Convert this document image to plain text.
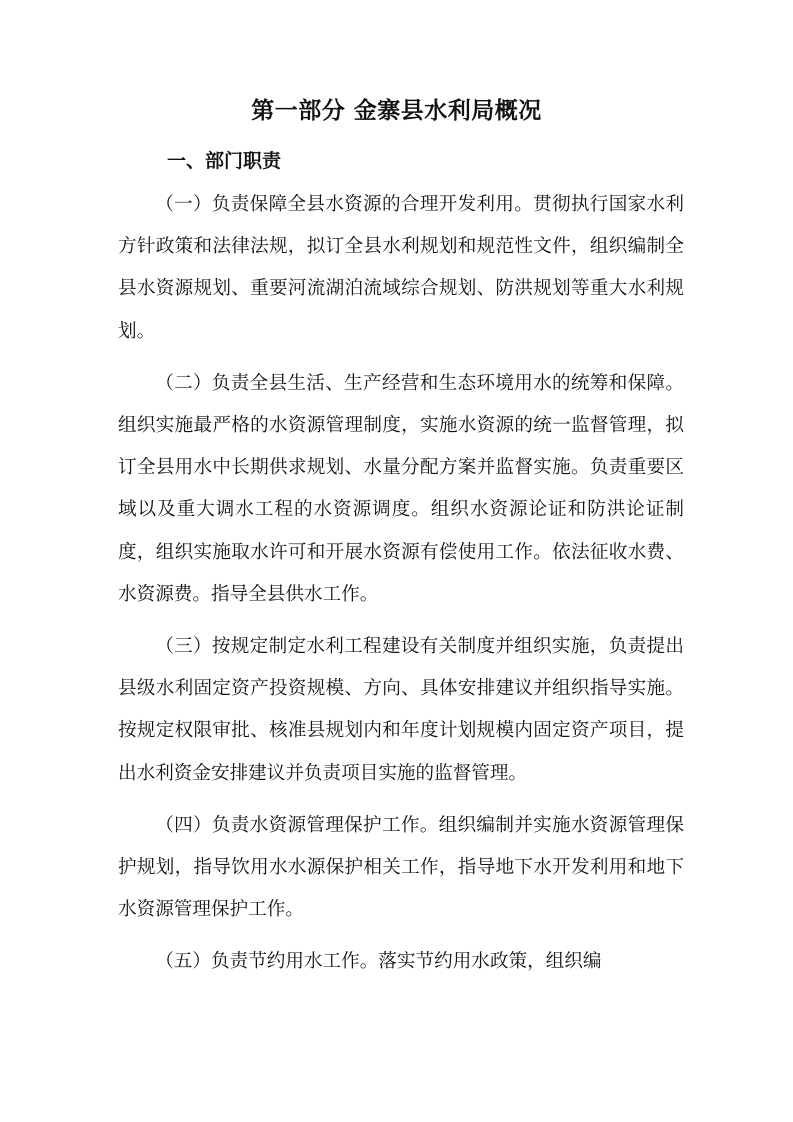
第一部分 金寨县水利局概况
一、部门职责

（一）负责保障全县水资源的合理开发利用。贯彻执行国家水利方针政策和法律法规，拟订全县水利规划和规范性文件，组织编制全县水资源规划、重要河流湖泊流域综合规划、防洪规划等重大水利规划。

（二）负责全县生活、生产经营和生态环境用水的统筹和保障。组织实施最严格的水资源管理制度，实施水资源的统一监督管理，拟订全县用水中长期供求规划、水量分配方案并监督实施。负责重要区域以及重大调水工程的水资源调度。组织水资源论证和防洪论证制度，组织实施取水许可和开展水资源有偿使用工作。依法征收水费、水资源费。指导全县供水工作。

（三）按规定制定水利工程建设有关制度并组织实施，负责提出县级水利固定资产投资规模、方向、具体安排建议并组织指导实施。按规定权限审批、核准县规划内和年度计划规模内固定资产项目，提出水利资金安排建议并负责项目实施的监督管理。

（四）负责水资源管理保护工作。组织编制并实施水资源管理保护规划，指导饮用水水源保护相关工作，指导地下水开发利用和地下水资源管理保护工作。

（五）负责节约用水工作。落实节约用水政策，组织编
